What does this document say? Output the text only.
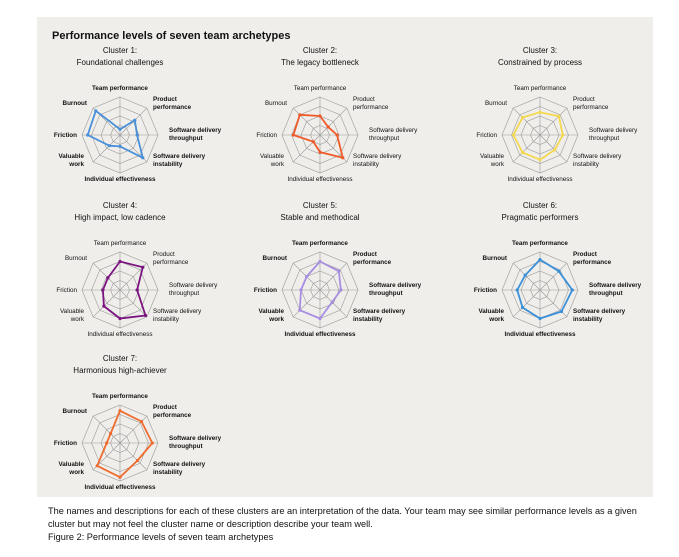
Performance levels of seven team archetypes
Cluster 1:
Foundational challenges
Team performance
Product
performance
Software delivery
throughput
Software delivery
instability
Individual effectiveness
Valuable
work
Friction
Burnout
Cluster 2:
The legacy bottleneck
Team performance
Product
performance
Software delivery
throughput
Software delivery
instability
Individual effectiveness
Valuable
work
Friction
Burnout
Cluster 3:
Constrained by process
Team performance
Product
performance
Software delivery
throughput
Software delivery
instability
Individual effectiveness
Valuable
work
Friction
Burnout
Cluster 4:
High impact, low cadence
Team performance
Product
performance
Software delivery
throughput
Software delivery
instability
Individual effectiveness
Valuable
work
Friction
Burnout
Cluster 5:
Stable and methodical
Team performance
Product
performance
Software delivery
throughput
Software delivery
instability
Individual effectiveness
Valuable
work
Friction
Burnout
Cluster 6:
Pragmatic performers
Team performance
Product
performance
Software delivery
throughput
Software delivery
instability
Individual effectiveness
Valuable
work
Friction
Burnout
Cluster 7:
Harmonious high-achiever
Team performance
Product
performance
Software delivery
throughput
Software delivery
instability
Individual effectiveness
Valuable
work
Friction
Burnout
The names and descriptions for each of these clusters are an interpretation of the data. Your team may see similar performance levels as a given cluster but may not feel the cluster name or description describe your team well.
Figure 2: Performance levels of seven team archetypes
